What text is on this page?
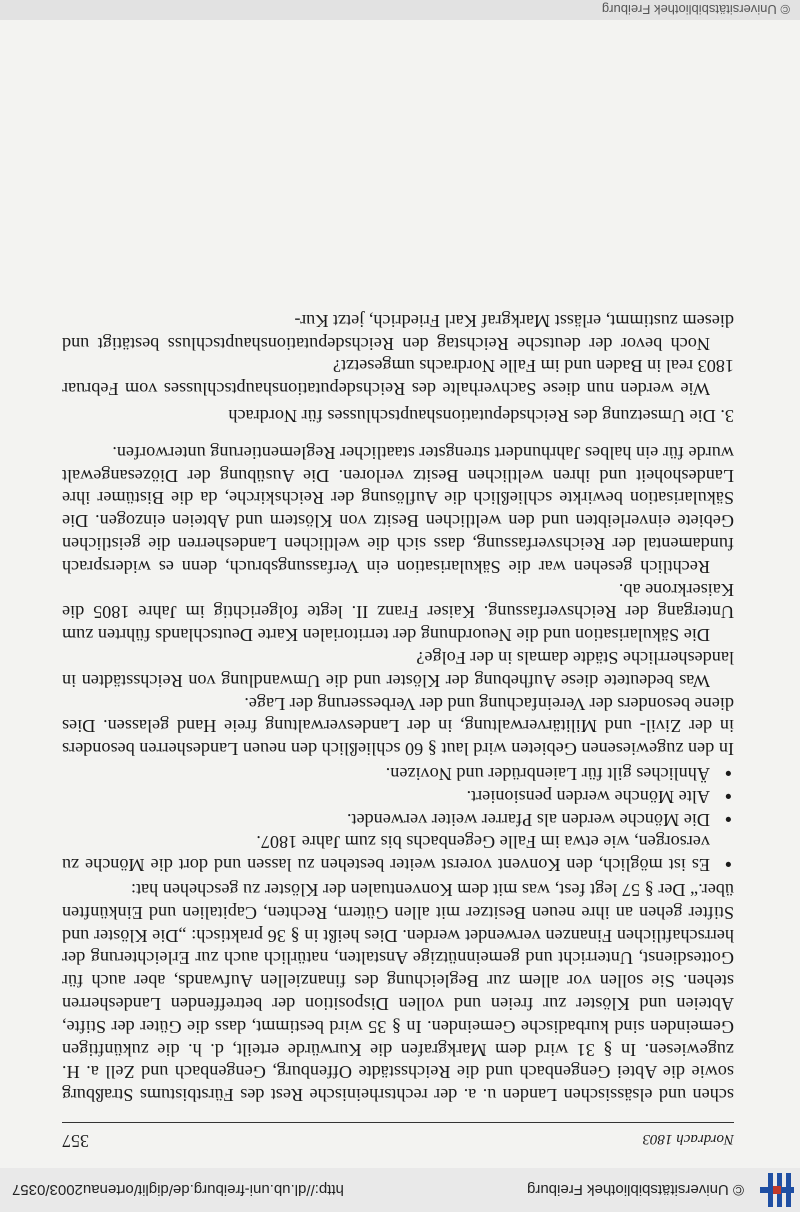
© Universitätsbibliothek Freiburg
http://dl.ub.uni-freiburg.de/diglit/ortenau2003/0357
Nordrach 1803
357

schen und elsässischen Landen u. a. der rechtsrheinische Rest des Fürstbistums Straßburg sowie die Abtei Gengenbach und die Reichsstädte Offenburg, Gengenbach und Zell a. H. zugewiesen. In § 31 wird dem Markgrafen die Kurwürde erteilt, d. h. die zukünftigen Gemeinden sind kurbadische Gemeinden. In § 35 wird bestimmt, dass die Güter der Stifte, Abteien und Klöster zur freien und vollen Disposition der betreffenden Landesherren stehen. Sie sollen vor allem zur Begleichung des finanziellen Aufwands, aber auch für Gottesdienst, Unterricht und gemeinnützige Anstalten, natürlich auch zur Erleichterung der herrschaftlichen Finanzen verwendet werden. Dies heißt in § 36 praktisch: „Die Klöster und Stifter gehen an ihre neuen Besitzer mit allen Gütern, Rechten, Capitalien und Einkünften über.“ Der § 57 legt fest, was mit dem Konventualen der Klöster zu geschehen hat:

● Es ist möglich, den Konvent vorerst weiter bestehen zu lassen und dort die Mönche zu versorgen, wie etwa im Falle Gegenbachs bis zum Jahre 1807.
● Die Mönche werden als Pfarrer weiter verwendet.
● Alte Mönche werden pensioniert.
● Ähnliches gilt für Laienbrüder und Novizen.

In den zugewiesenen Gebieten wird laut § 60 schließlich den neuen Landesherren besonders in der Zivil- und Militärverwaltung, in der Landesverwaltung freie Hand gelassen. Dies diene besonders der Vereinfachung und der Verbesserung der Lage.

Was bedeutete diese Aufhebung der Klöster und die Umwandlung von Reichsstädten in landesherrliche Städte damals in der Folge?

Die Säkularisation und die Neuordnung der territorialen Karte Deutschlands führten zum Untergang der Reichsverfassung. Kaiser Franz II. legte folgerichtig im Jahre 1805 die Kaiserkrone ab.

Rechtlich gesehen war die Säkularisation ein Verfassungsbruch, denn es widersprach fundamental der Reichsverfassung, dass sich die weltlichen Landesherren die geistlichen Gebiete einverleibten und den weltlichen Besitz von Klöstern und Abteien einzogen. Die Säkularisation bewirkte schließlich die Auflösung der Reichskirche, da die Bistümer ihre Landeshoheit und ihren weltlichen Besitz verloren. Die Ausübung der Diözesangewalt wurde für ein halbes Jahrhundert strengster staatlicher Reglementierung unterworfen.

3. Die Umsetzung des Reichsdeputationshauptschlusses für Nordrach

Wie werden nun diese Sachverhalte des Reichsdeputationshauptschlusses vom Februar 1803 real in Baden und im Falle Nordrachs umgesetzt?

Noch bevor der deutsche Reichstag den Reichsdeputationshauptschluss bestätigt und diesem zustimmt, erlässt Markgraf Karl Friedrich, jetzt Kur-

© Universitätsbibliothek Freiburg
